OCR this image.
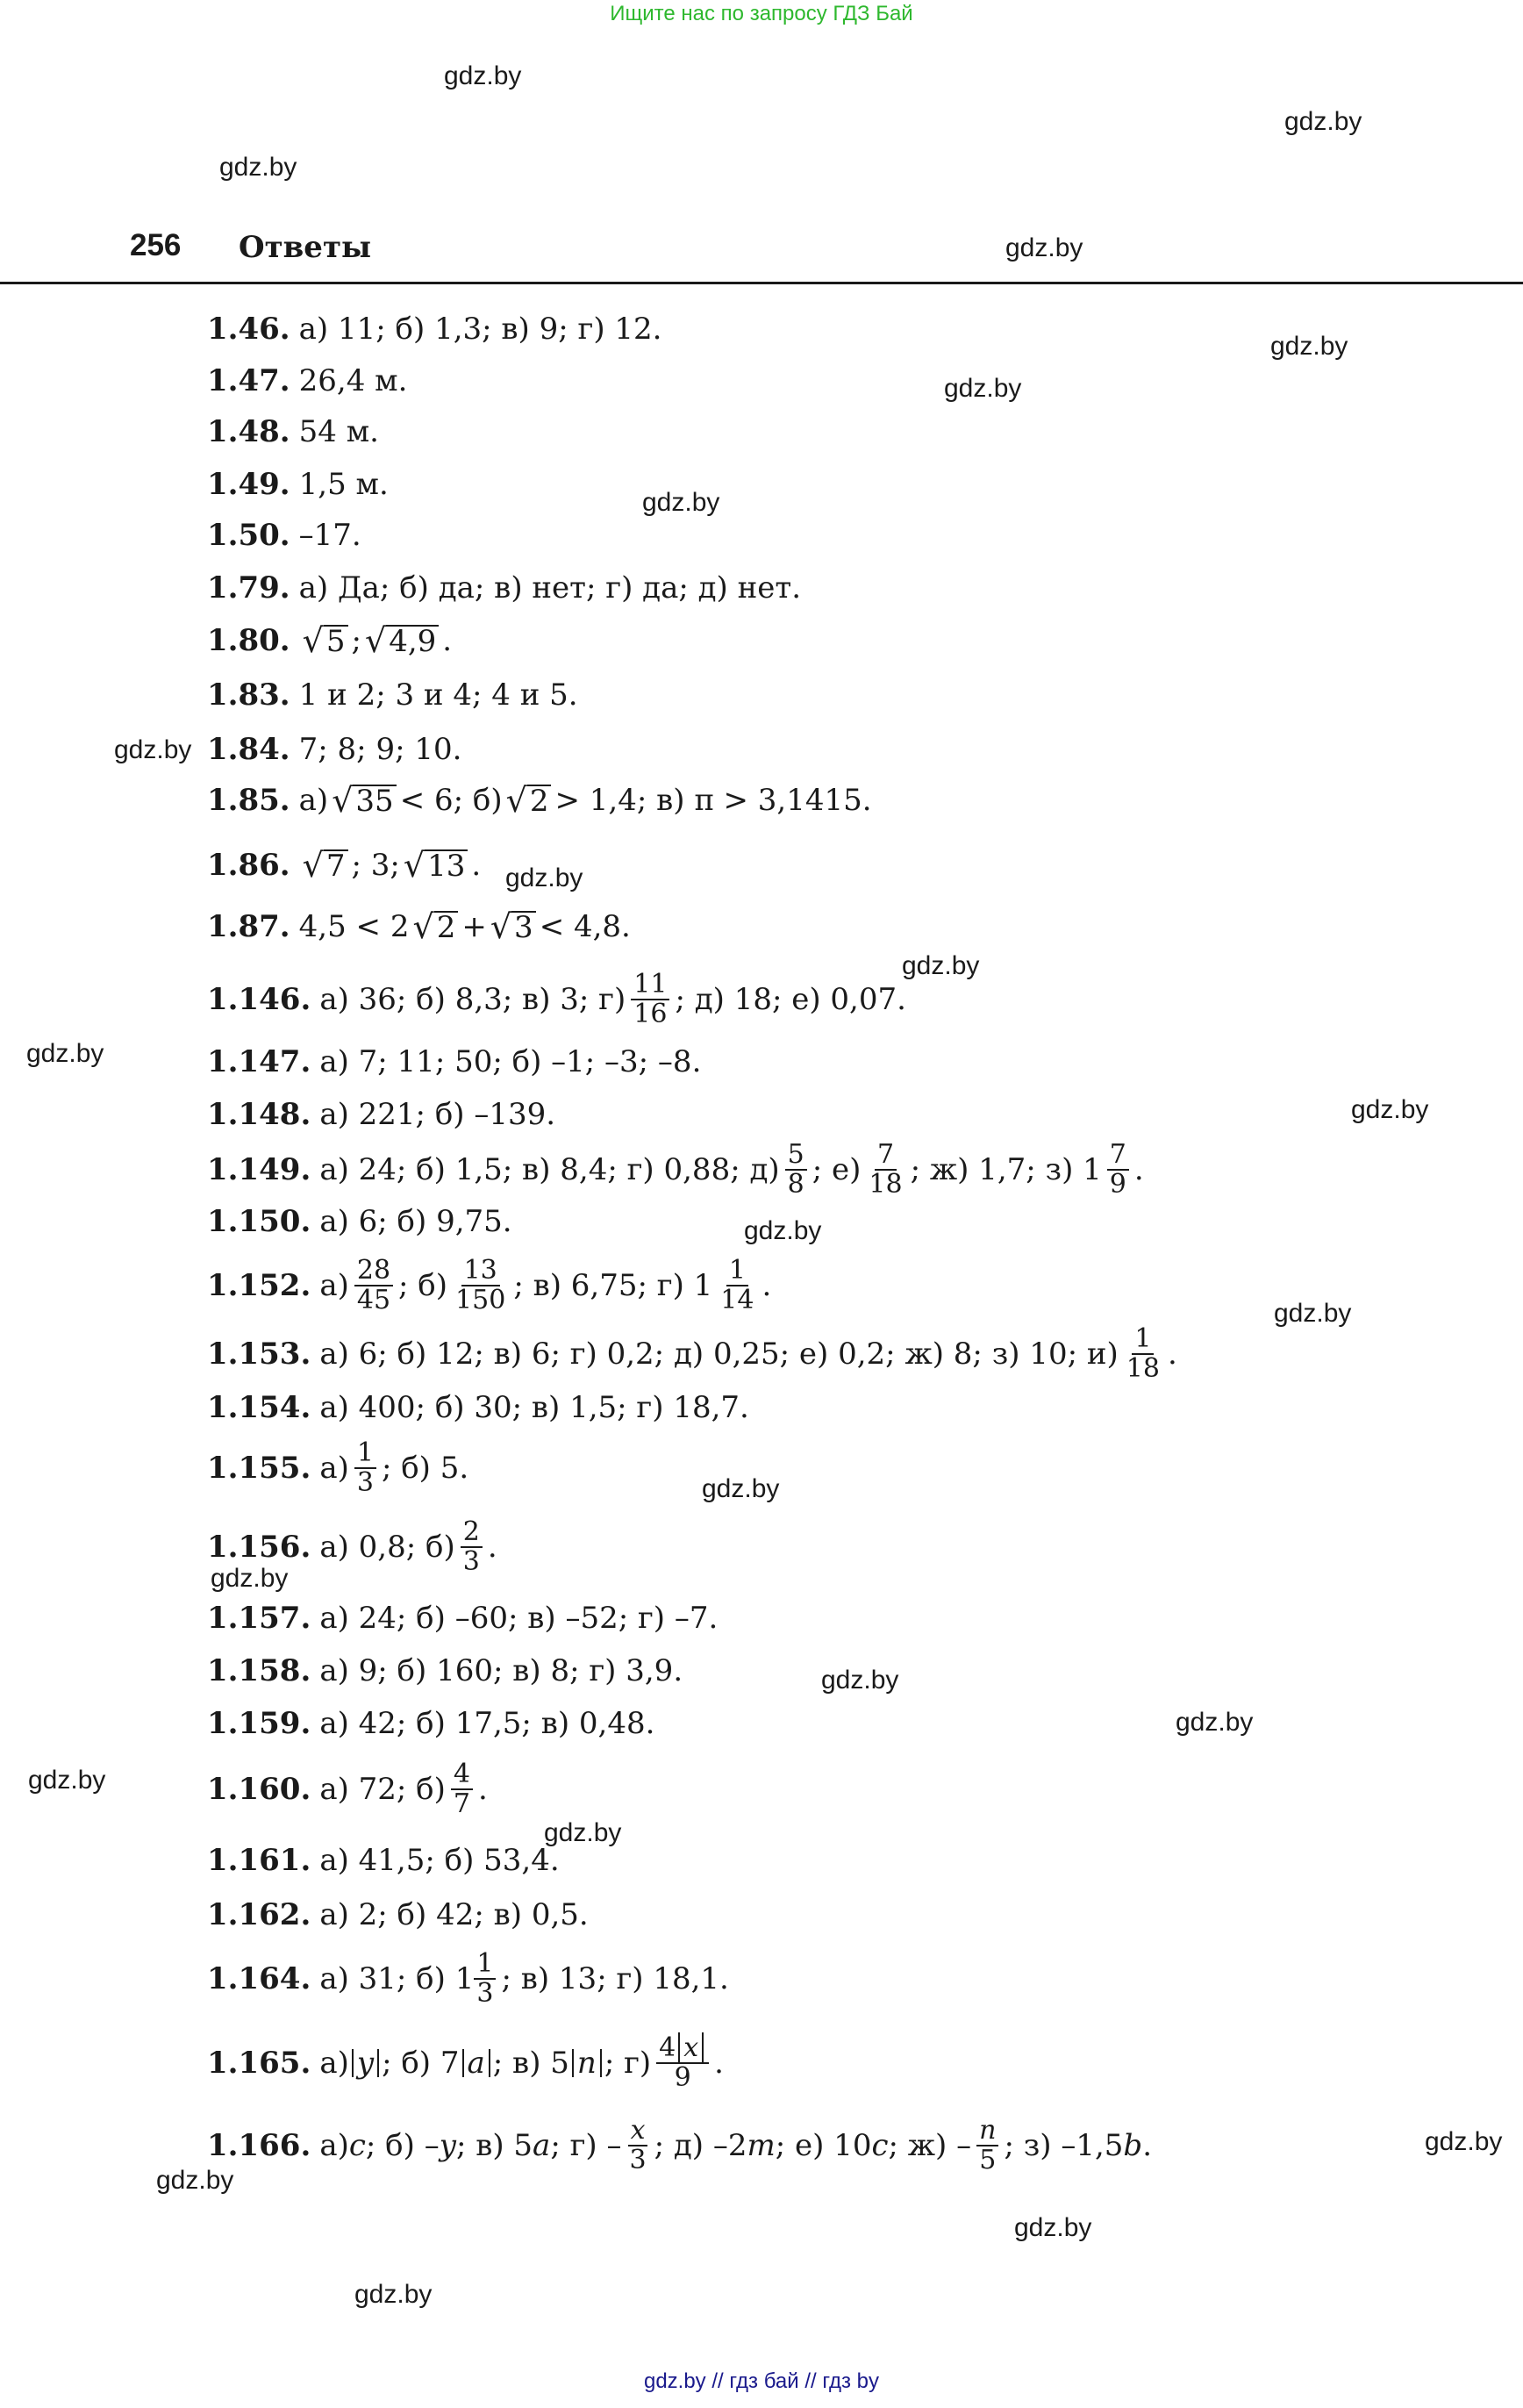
Ищите нас по запросу ГДЗ Бай
gdz.by
gdz.by
gdz.by
gdz.by
gdz.by
gdz.by
gdz.by
gdz.by
gdz.by
gdz.by
gdz.by
gdz.by
gdz.by
gdz.by
gdz.by
gdz.by
gdz.by
gdz.by
gdz.by
gdz.by
gdz.by
gdz.by
gdz.by
gdz.by
256 Ответы
1.46. а) 11; б) 1,3; в) 9; г) 12.
1.47. 26,4 м.
1.48. 54 м.
1.49. 1,5 м.
1.50. –17.
1.79. а) Да; б) да; в) нет; г) да; д) нет.
1.80. √ 5 ; √ 4,9 .
1.83. 1 и 2; 3 и 4; 4 и 5.
1.84. 7; 8; 9; 10.
1.85. а) √ 35 < 6; б) √ 2 > 1,4; в) π > 3,1415.
1.86. √ 7 ; 3; √ 13 .
1.87. 4,5 < 2 √ 2 + √ 3 < 4,8.
1.146. а) 36; б) 8,3; в) 3; $г) \frac{11}{16}$ ; д) 18; е) 0,07.
1.147. а) 7; 11; 50; б) –1; –3; –8.
1.148. а) 221; б) –139.
1.149. а) 24; б) 1,5; в) 8,4; г) 0,88; $д) \frac{5}{8}$ ; $е) \frac{7}{18}$ ; ж) 1,7; з) $1 \frac{7}{9}$ .
1.150. а) 6; б) 9,75.
1.152. $а) \frac{28}{45}$ ; $б) \frac{13}{150}$ ; в) 6,75; г) $1 \frac{1}{14}$ .
1.153. а) 6; б) 12; в) 6; г) 0,2; д) 0,25; е) 0,2; ж) 8; з) 10; $и) \frac{1}{18}$ .
1.154. а) 400; б) 30; в) 1,5; г) 18,7.
1.155. $а) \frac{1}{3}$ ; б) 5.
1.156. а) 0,8; $б) \frac{2}{3}$ .
1.157. а) 24; б) –60; в) –52; г) –7.
1.158. а) 9; б) 160; в) 8; г) 3,9.
1.159. а) 42; б) 17,5; в) 0,48.
1.160. а) 72; $б) \frac{4}{7}$ .
1.161. а) 41,5; б) 53,4.
1.162. а) 2; б) 42; в) 0,5.
1.164. а) 31; б) $1 \frac{1}{3}$ ; в) 13; г) 18,1.
1.165. а) y ; б) 7 a ; в) 5 n ; $г) \frac{4 x}{9}$ .
1.166. а) c ; б) – y ; в) 5 a ; $г) - \frac{x}{3}$ ; д) –2 m ; е) 10 c ; $ж) - \frac{n}{5}$ ; з) –1,5 b .
gdz.by // гдз бай // гдз by
